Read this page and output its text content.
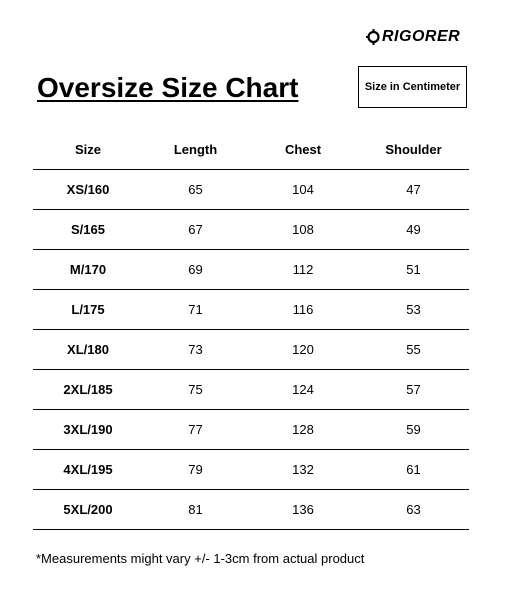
RIGORER
Oversize Size Chart	Size in Centimeter
Size	Length	Chest	Shoulder
XS/160	65	104	47
S/165	67	108	49
M/170	69	112	51
L/175	71	116	53
XL/180	73	120	55
2XL/185	75	124	57
3XL/190	77	128	59
4XL/195	79	132	61
5XL/200	81	136	63
*Measurements might vary +/- 1-3cm from actual product
